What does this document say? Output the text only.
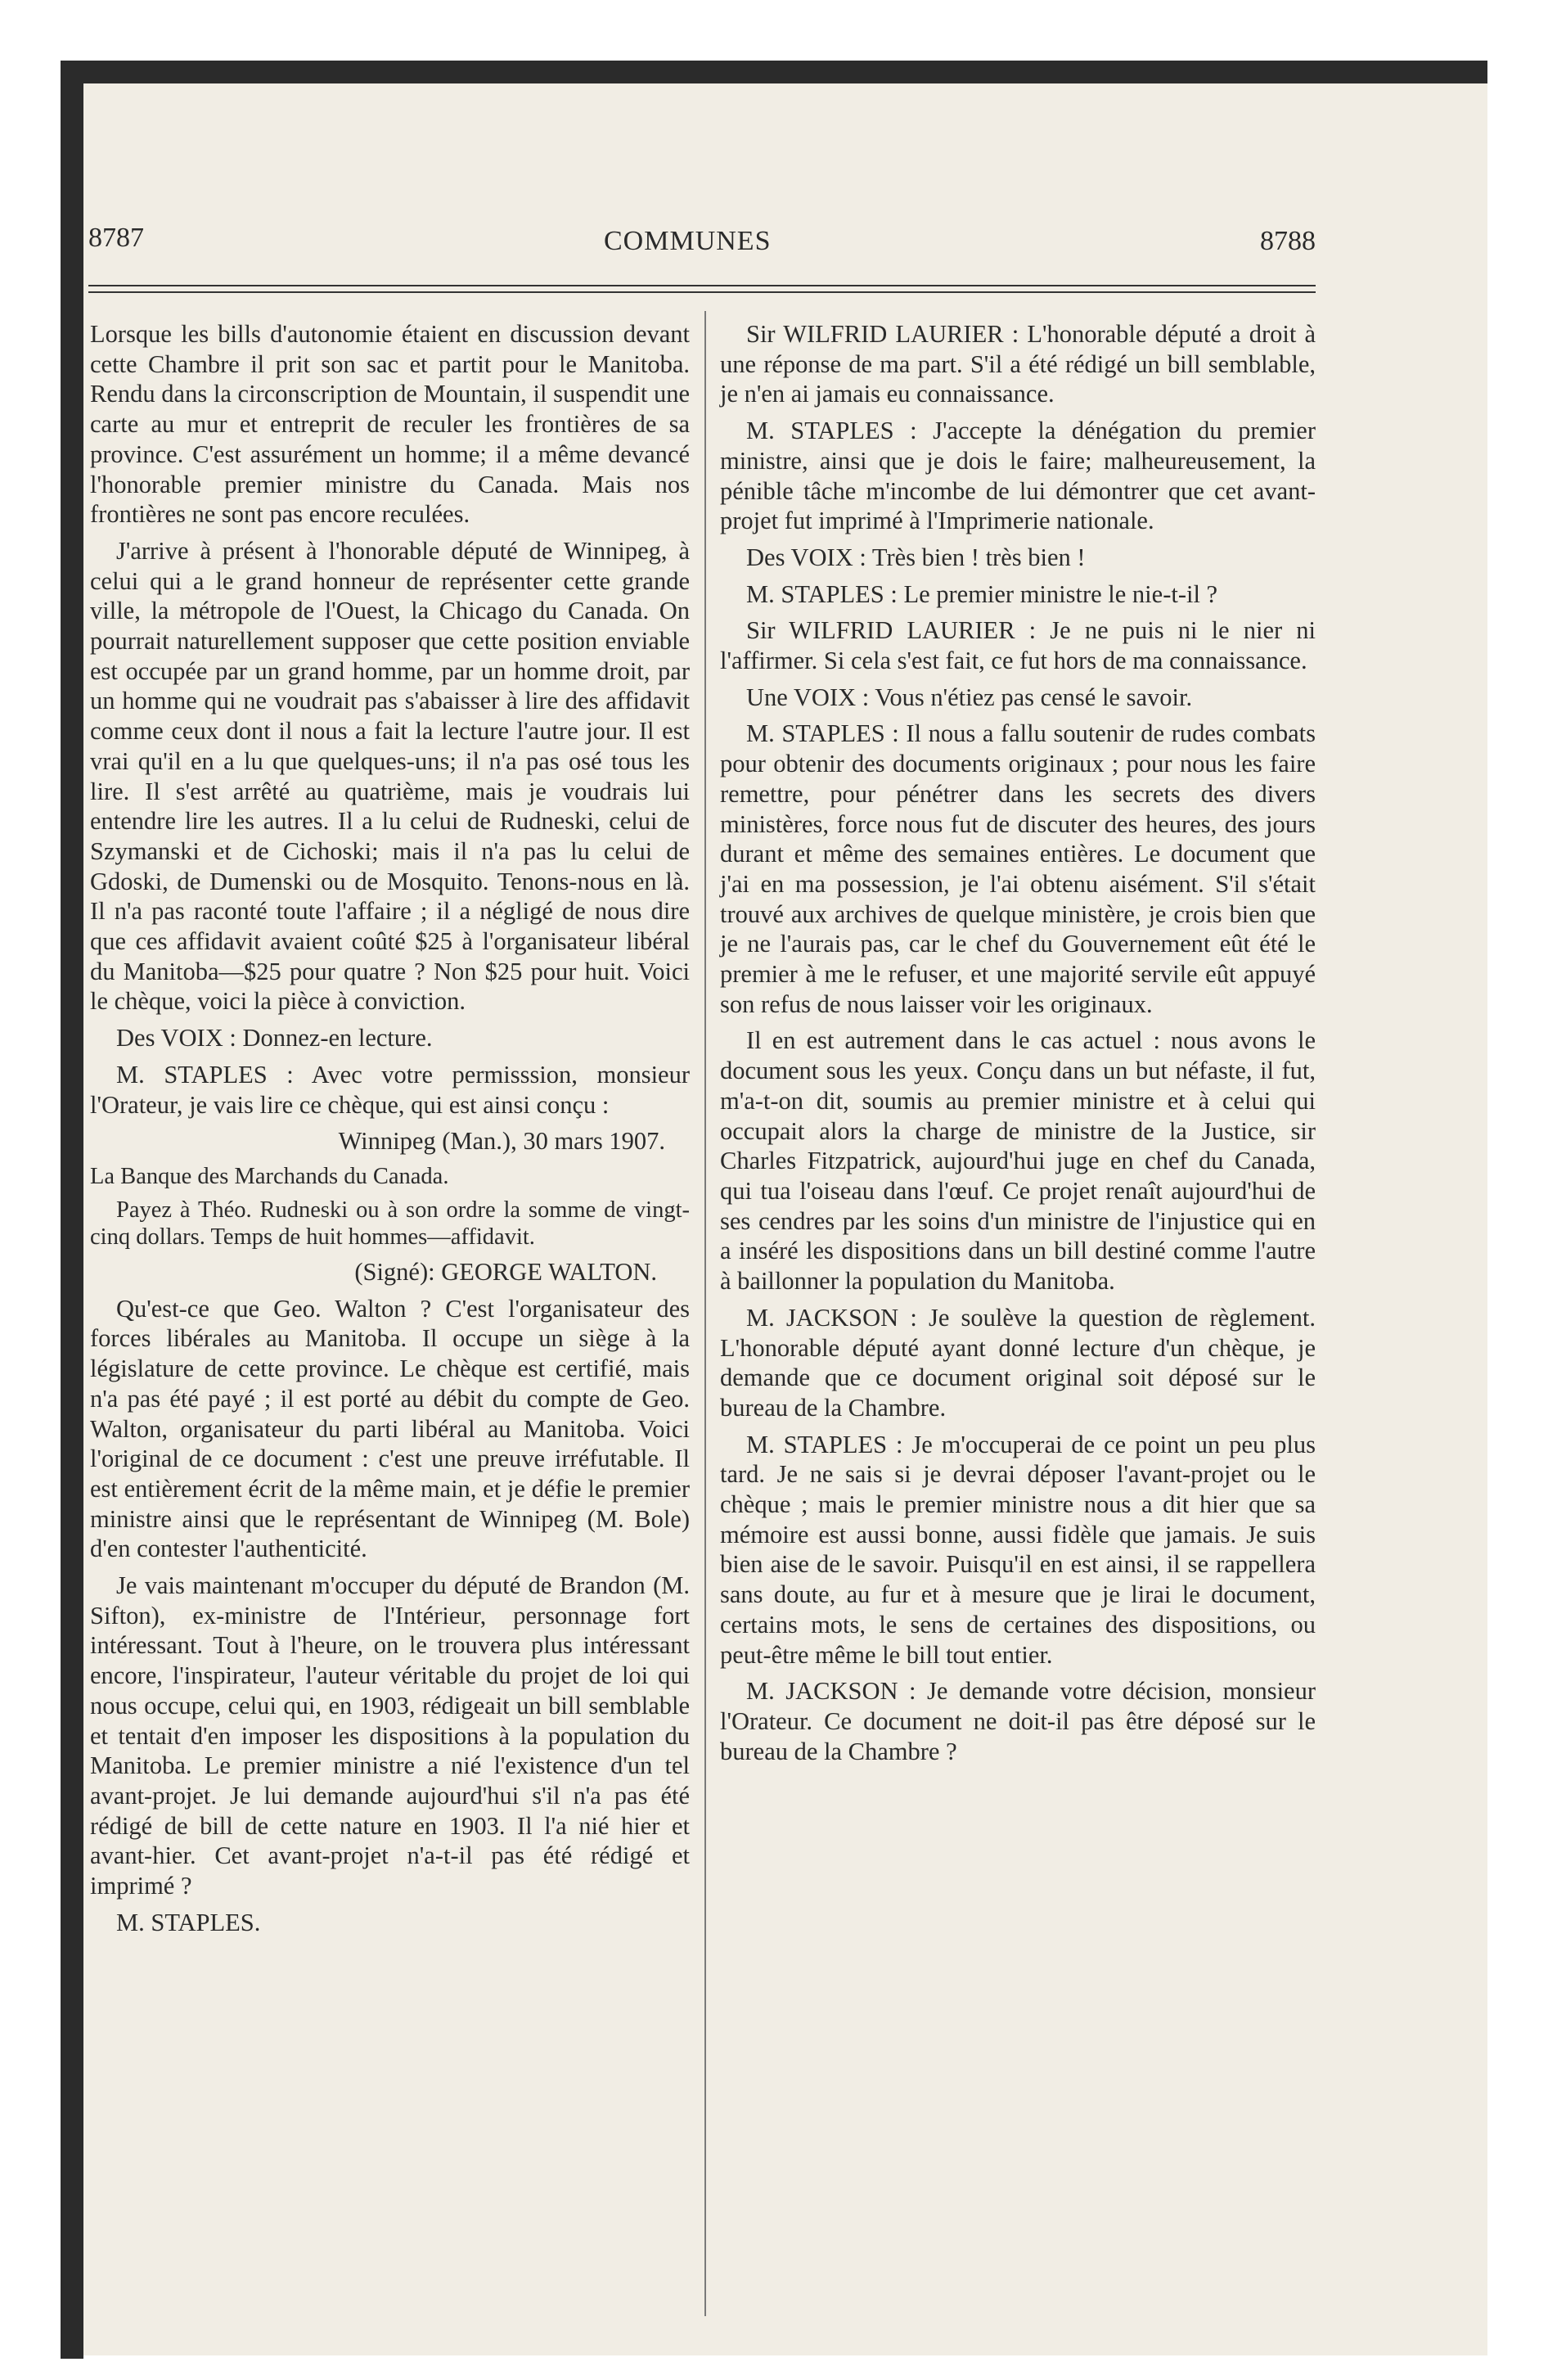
8787	COMMUNES	8788

Lorsque les bills d'autonomie étaient en discussion devant cette Chambre il prit son sac et partit pour le Manitoba. Rendu dans la circonscription de Mountain, il suspendit une carte au mur et entreprit de reculer les frontières de sa province. C'est assurément un homme; il a même devancé l'honorable premier ministre du Canada. Mais nos frontières ne sont pas encore reculées.

J'arrive à présent à l'honorable député de Winnipeg, à celui qui a le grand honneur de représenter cette grande ville, la métropole de l'Ouest, la Chicago du Canada. On pourrait naturellement supposer que cette position enviable est occupée par un grand homme, par un homme droit, par un homme qui ne voudrait pas s'abaisser à lire des affidavit comme ceux dont il nous a fait la lecture l'autre jour. Il est vrai qu'il en a lu que quelques-uns; il n'a pas osé tous les lire. Il s'est arrêté au quatrième, mais je voudrais lui entendre lire les autres. Il a lu celui de Rudneski, celui de Szymanski et de Cichoski; mais il n'a pas lu celui de Gdoski, de Dumenski ou de Mosquito. Tenons-nous en là. Il n'a pas raconté toute l'affaire ; il a négligé de nous dire que ces affidavit avaient coûté $25 à l'organisateur libéral du Manitoba—$25 pour quatre ? Non $25 pour huit. Voici le chèque, voici la pièce à conviction.

Des VOIX : Donnez-en lecture.

M. STAPLES : Avec votre permisssion, monsieur l'Orateur, je vais lire ce chèque, qui est ainsi conçu :

Winnipeg (Man.), 30 mars 1907.

La Banque des Marchands du Canada.

Payez à Théo. Rudneski ou à son ordre la somme de vingt-cinq dollars. Temps de huit hommes—affidavit.

(Signé): GEORGE WALTON.

Qu'est-ce que Geo. Walton ? C'est l'organisateur des forces libérales au Manitoba. Il occupe un siège à la législature de cette province. Le chèque est certifié, mais n'a pas été payé ; il est porté au débit du compte de Geo. Walton, organisateur du parti libéral au Manitoba. Voici l'original de ce document : c'est une preuve irréfutable. Il est entièrement écrit de la même main, et je défie le premier ministre ainsi que le représentant de Winnipeg (M. Bole) d'en contester l'authenticité.

Je vais maintenant m'occuper du député de Brandon (M. Sifton), ex-ministre de l'Intérieur, personnage fort intéressant. Tout à l'heure, on le trouvera plus intéressant encore, l'inspirateur, l'auteur véritable du projet de loi qui nous occupe, celui qui, en 1903, rédigeait un bill semblable et tentait d'en imposer les dispositions à la population du Manitoba. Le premier ministre a nié l'existence d'un tel avant-projet. Je lui demande aujourd'hui s'il n'a pas été rédigé de bill de cette nature en 1903. Il l'a nié hier et avant-hier. Cet avant-projet n'a-t-il pas été rédigé et imprimé ?

M. STAPLES.

Sir WILFRID LAURIER : L'honorable député a droit à une réponse de ma part. S'il a été rédigé un bill semblable, je n'en ai jamais eu connaissance.

M. STAPLES : J'accepte la dénégation du premier ministre, ainsi que je dois le faire; malheureusement, la pénible tâche m'incombe de lui démontrer que cet avant-projet fut imprimé à l'Imprimerie nationale.

Des VOIX : Très bien ! très bien !

M. STAPLES : Le premier ministre le nie-t-il ?

Sir WILFRID LAURIER : Je ne puis ni le nier ni l'affirmer. Si cela s'est fait, ce fut hors de ma connaissance.

Une VOIX : Vous n'étiez pas censé le savoir.

M. STAPLES : Il nous a fallu soutenir de rudes combats pour obtenir des documents originaux ; pour nous les faire remettre, pour pénétrer dans les secrets des divers ministères, force nous fut de discuter des heures, des jours durant et même des semaines entières. Le document que j'ai en ma possession, je l'ai obtenu aisément. S'il s'était trouvé aux archives de quelque ministère, je crois bien que je ne l'aurais pas, car le chef du Gouvernement eût été le premier à me le refuser, et une majorité servile eût appuyé son refus de nous laisser voir les originaux.

Il en est autrement dans le cas actuel : nous avons le document sous les yeux. Conçu dans un but néfaste, il fut, m'a-t-on dit, soumis au premier ministre et à celui qui occupait alors la charge de ministre de la Justice, sir Charles Fitzpatrick, aujourd'hui juge en chef du Canada, qui tua l'oiseau dans l'œuf. Ce projet renaît aujourd'hui de ses cendres par les soins d'un ministre de l'injustice qui en a inséré les dispositions dans un bill destiné comme l'autre à baillonner la population du Manitoba.

M. JACKSON : Je soulève la question de règlement. L'honorable député ayant donné lecture d'un chèque, je demande que ce document original soit déposé sur le bureau de la Chambre.

M. STAPLES : Je m'occuperai de ce point un peu plus tard. Je ne sais si je devrai déposer l'avant-projet ou le chèque ; mais le premier ministre nous a dit hier que sa mémoire est aussi bonne, aussi fidèle que jamais. Je suis bien aise de le savoir. Puisqu'il en est ainsi, il se rappellera sans doute, au fur et à mesure que je lirai le document, certains mots, le sens de certaines des dispositions, ou peut-être même le bill tout entier.

M. JACKSON : Je demande votre décision, monsieur l'Orateur. Ce document ne doit-il pas être déposé sur le bureau de la Chambre ?
